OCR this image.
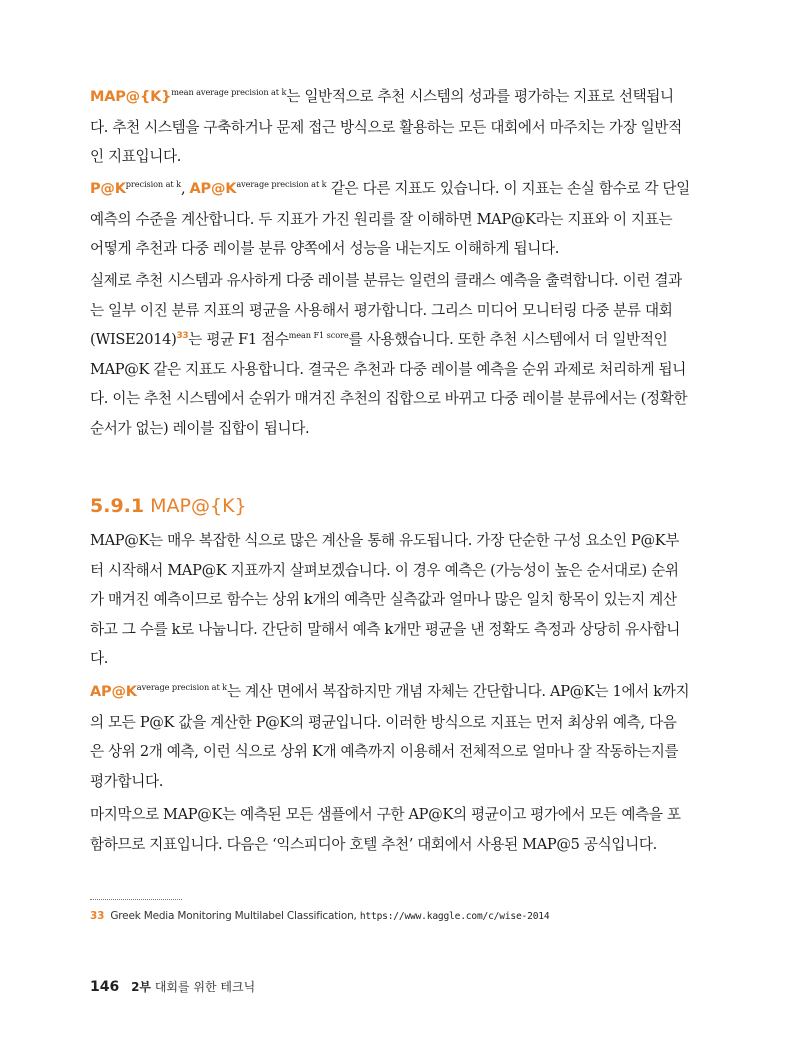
$MAP@\{K\}^{mean average precision at k}$는 일반적으로 추천 시스템의 성과를 평가하는 지표로 선택됩니다. 추천 시스템을 구축하거나 문제 접근 방식으로 활용하는 모든 대회에서 마주치는 가장 일반적인 지표입니다.

$P@K^{precision at k}$, $AP@K^{average precision at k}$ 같은 다른 지표도 있습니다. 이 지표는 손실 함수로 각 단일 예측의 수준을 계산합니다. 두 지표가 가진 원리를 잘 이해하면 MAP@K라는 지표와 이 지표는 어떻게 추천과 다중 레이블 분류 양쪽에서 성능을 내는지도 이해하게 됩니다.

실제로 추천 시스템과 유사하게 다중 레이블 분류는 일련의 클래스 예측을 출력합니다. 이런 결과는 일부 이진 분류 지표의 평균을 사용해서 평가합니다. 그리스 미디어 모니터링 다중 분류 대회(WISE2014)$^{33}$는 평균 F1 점수$^{mean F1 score}$를 사용했습니다. 또한 추천 시스템에서 더 일반적인 MAP@K 같은 지표도 사용합니다. 결국은 추천과 다중 레이블 예측을 순위 과제로 처리하게 됩니다. 이는 추천 시스템에서 순위가 매겨진 추천의 집합으로 바뀌고 다중 레이블 분류에서는 (정확한 순서가 없는) 레이블 집합이 됩니다.

5.9.1 MAP@{K}

MAP@K는 매우 복잡한 식으로 많은 계산을 통해 유도됩니다. 가장 단순한 구성 요소인 P@K부터 시작해서 MAP@K 지표까지 살펴보겠습니다. 이 경우 예측은 (가능성이 높은 순서대로) 순위가 매겨진 예측이므로 함수는 상위 k개의 예측만 실측값과 얼마나 많은 일치 항목이 있는지 계산하고 그 수를 k로 나눕니다. 간단히 말해서 예측 k개만 평균을 낸 정확도 측정과 상당히 유사합니다.

$AP@K^{average precision at k}$는 계산 면에서 복잡하지만 개념 자체는 간단합니다. AP@K는 1에서 k까지의 모든 P@K 값을 계산한 P@K의 평균입니다. 이러한 방식으로 지표는 먼저 최상위 예측, 다음은 상위 2개 예측, 이런 식으로 상위 K개 예측까지 이용해서 전체적으로 얼마나 잘 작동하는지를 평가합니다.

마지막으로 MAP@K는 예측된 모든 샘플에서 구한 AP@K의 평균이고 평가에서 모든 예측을 포함하므로 지표입니다. 다음은 ‘익스피디아 호텔 추천’ 대회에서 사용된 MAP@5 공식입니다.

33 Greek Media Monitoring Multilabel Classification, https://www.kaggle.com/c/wise-2014
146 2부 대회를 위한 테크닉
